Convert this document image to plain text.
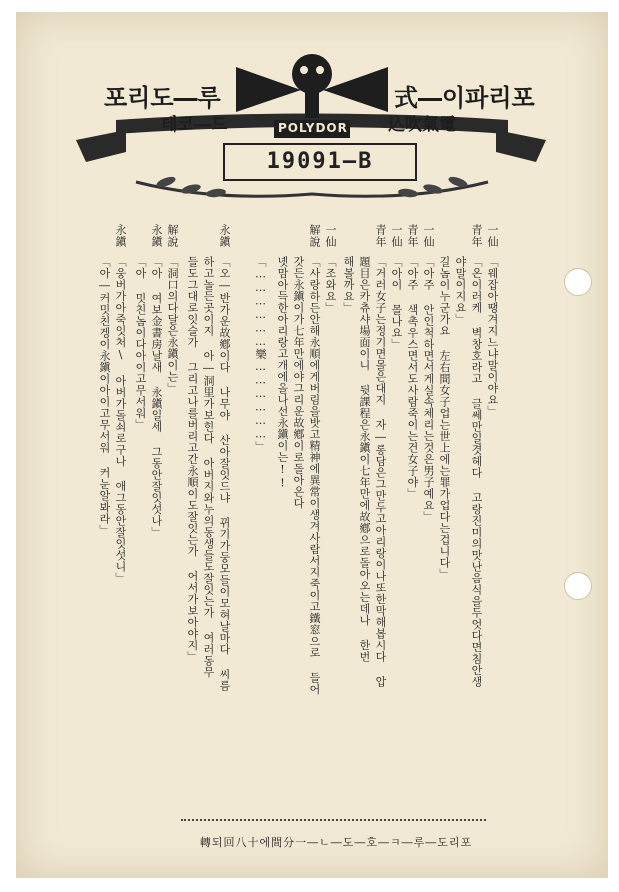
POLYDOR
포리도―루	式―이파리포
테코―드	込吹氣電
19091―B
一仙
「웨잡아땡겨지느냐말이야요」
青年
「온이러케 벽창호라고 글쎄만일겻헤다 고랑진미의맛난음식을두엇다면침안생
야말이지요」
길놈이누군가요 左右間女子업는世上에는罪가업다는겁니다」
一仙
「아주 안인척하면서게실속체리는것은男子예요」
青年
「아주 색촉우스면서도사람죽이는건女子야」
一仙
「아이 몰나요」
青年
「거러女子는정기면몰은대지 자―롱담은그만두고아리랑이나또한막해봅시다 압
題目은카츄샤場面이니 뒷課程은永鎭이七年만에故鄕으로돌아오는데나 한번
해볼까요」
一仙
「조와요」
解說
「사랑하든안해永順에게버림을밧고精神에異常이생겨사람서지죽이고鐵窓으로 들어
갓든永鎭이가七年만에야그리운故鄕이로돌아온다
녯맘아득한아리랑고개에올나선永鎭이는!!
永鎭
「………………樂………………」
「오―반가운故鄕이다 나무야 산아잘잇드냐 뀌기가둥모들이모혀날마다 씨름
하고놀든곳이지 아―洞里가보힌다 아버지와누의동생들도잘잇는가 여러동무
들도그대로잇슬가 그리고나를버리고간永順이도잘잇는가 어서가보아야지」
解說
「洞口의다달은永鎭이는」
永鎭
「아 여보金書房날새 永鎭일세 그동안잘잇섯나」
「아 밋친놈이다아이고무서워」
永鎭
「웅버가아죽잇처\ 아버가돌쇠로구나 애그동안잘잇섯니」
「아―커밋친겡이永鎭이아이고무서워 커눈알봐라」
轉되回八十에間分一―ㄴ―도―호―ㅋ―루―도리포
